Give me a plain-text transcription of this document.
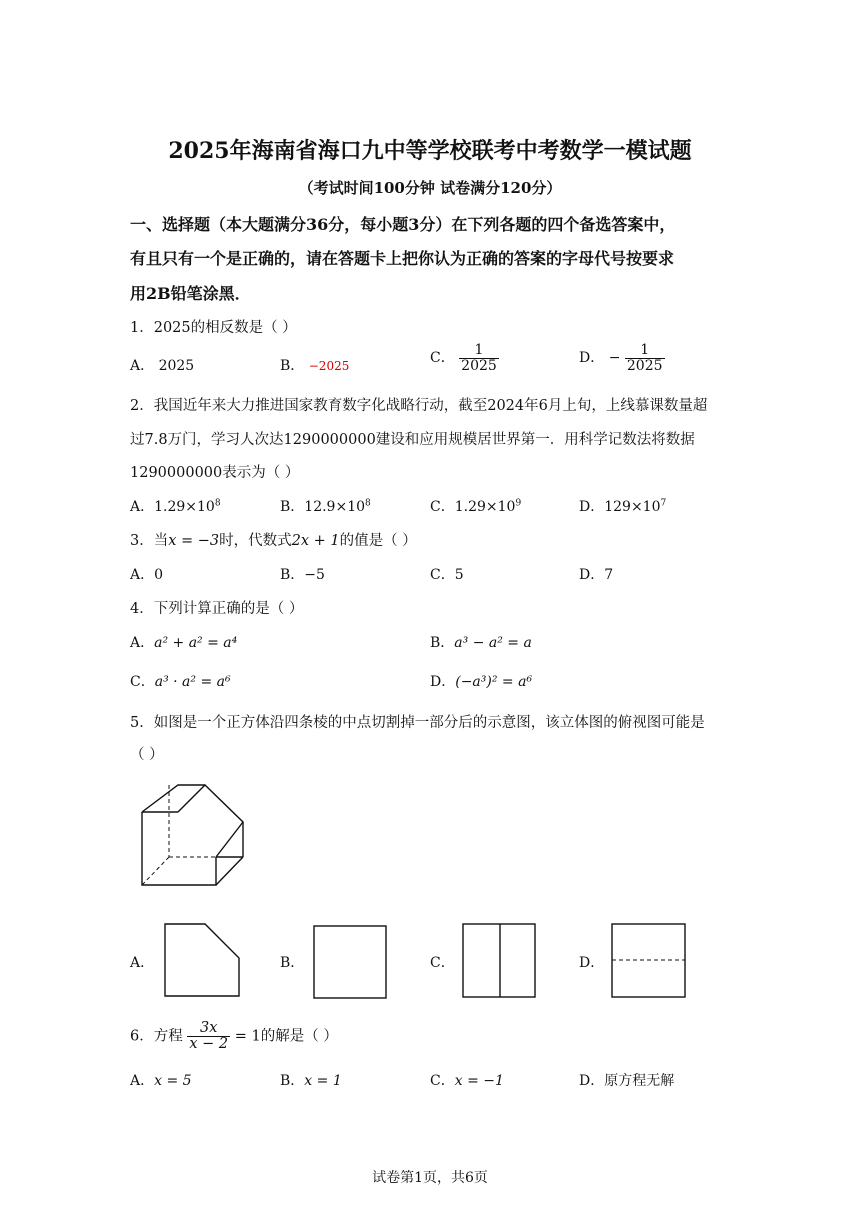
2025年海南省海口九中等学校联考中考数学一模试题
（考试时间100分钟 试卷满分120分）
一、选择题（本大题满分36分，每小题3分）在下列各题的四个备选答案中，
有且只有一个是正确的，请在答题卡上把你认为正确的答案的字母代号按要求
用2B铅笔涂黑．
1．2025的相反数是（ ）
A． 2025	B． −2025	C． $\frac{1}{2025}$	D． − $\frac{1}{2025}$
2．我国近年来大力推进国家教育数字化战略行动，截至2024年6月上旬，上线慕课数量超
过7.8万门，学习人次达1290000000建设和应用规模居世界第一．用科学记数法将数据
1290000000表示为（ ）
A．$1.29\times 10^8$	B．$12.9\times 10^8$	C．$1.29\times 10^9$	D．$129\times 10^7$
3．当x = −3时，代数式2x + 1的值是（ ）
A．0	B．−5	C．5	D．7
4．下列计算正确的是（ ）
A．a² + a² = a⁴	B．a³ − a² = a
C．a³ · a² = a⁶	D．(−a³)² = a⁶
5．如图是一个正方体沿四条棱的中点切割掉一部分后的示意图，该立体图的俯视图可能是
（ ）
A．	B．	C．	D．
6．方程 $\frac{3x}{x - 2} = 1$的解是（ ）
A．x = 5	B．x = 1	C．x = −1	D．原方程无解
试卷第1页，共6页
